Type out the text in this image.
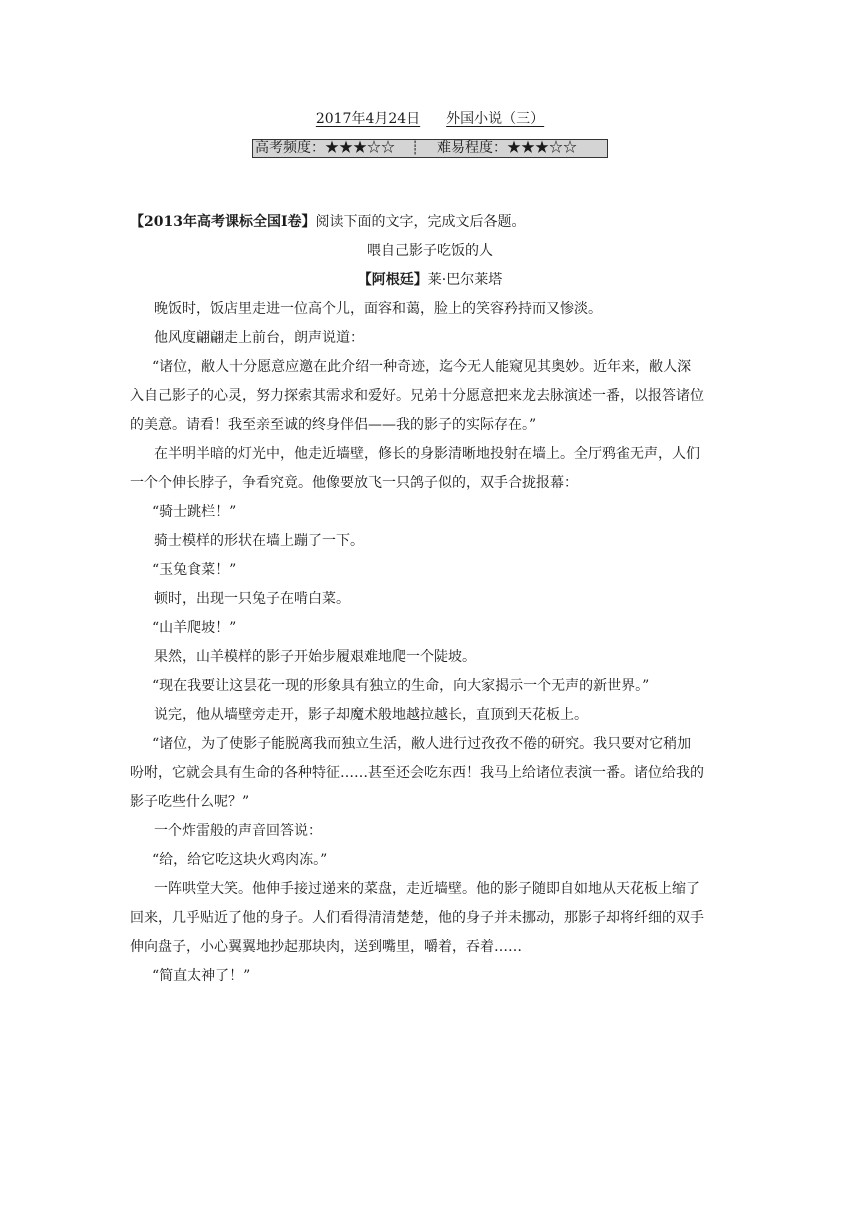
2017年4月24日 外国小说（三）
高考频度：★★★☆☆	┊	难易程度：★★★☆☆
【2013年高考课标全国Ⅰ卷】阅读下面的文字，完成文后各题。
喂自己影子吃饭的人
【阿根廷】莱·巴尔莱塔
晚饭时，饭店里走进一位高个儿，面容和蔼，脸上的笑容矜持而又惨淡。
他风度翩翩走上前台，朗声说道：
“诸位，敝人十分愿意应邀在此介绍一种奇迹，迄今无人能窥见其奥妙。近年来，敝人深
入自己影子的心灵，努力探索其需求和爱好。兄弟十分愿意把来龙去脉演述一番，以报答诸位
的美意。请看！我至亲至诚的终身伴侣——我的影子的实际存在。”
在半明半暗的灯光中，他走近墙壁，修长的身影清晰地投射在墙上。全厅鸦雀无声，人们
一个个伸长脖子，争看究竟。他像要放飞一只鸽子似的，双手合拢报幕：
“骑士跳栏！”
骑士模样的形状在墙上蹦了一下。
“玉兔食菜！”
顿时，出现一只兔子在啃白菜。
“山羊爬坡！”
果然，山羊模样的影子开始步履艰难地爬一个陡坡。
“现在我要让这昙花一现的形象具有独立的生命，向大家揭示一个无声的新世界。”
说完，他从墙壁旁走开，影子却魔术般地越拉越长，直顶到天花板上。
“诸位，为了使影子能脱离我而独立生活，敝人进行过孜孜不倦的研究。我只要对它稍加
吩咐，它就会具有生命的各种特征……甚至还会吃东西！我马上给诸位表演一番。诸位给我的
影子吃些什么呢？”
一个炸雷般的声音回答说：
“给，给它吃这块火鸡肉冻。”
一阵哄堂大笑。他伸手接过递来的菜盘，走近墙壁。他的影子随即自如地从天花板上缩了
回来，几乎贴近了他的身子。人们看得清清楚楚，他的身子并未挪动，那影子却将纤细的双手
伸向盘子，小心翼翼地抄起那块肉，送到嘴里，嚼着，吞着……
“简直太神了！”
